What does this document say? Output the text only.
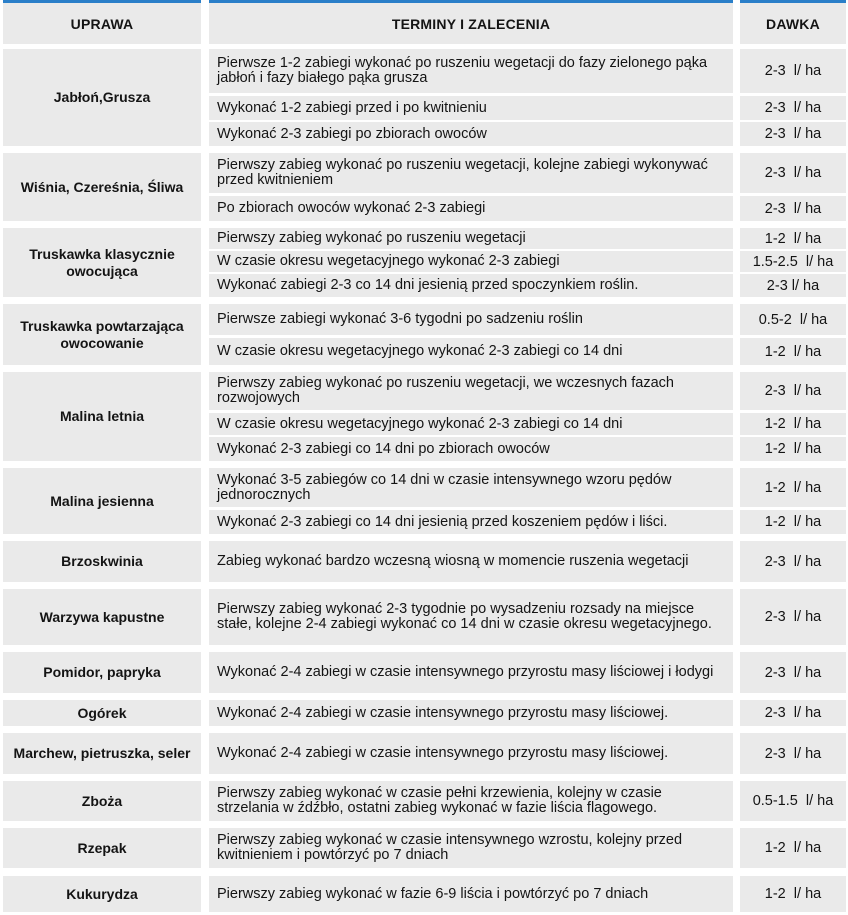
UPRAWA	TERMINY I ZALECENIA	DAWKA
Jabłoń,Grusza
Pierwsze 1-2 zabiegi wykonać po ruszeniu wegetacji do fazy zielonego pąka jabłoń i fazy białego pąka grusza	2-3  l/ ha
Wykonać 1-2 zabiegi przed i po kwitnieniu	2-3  l/ ha
Wykonać 2-3 zabiegi po zbiorach owoców	2-3  l/ ha
Wiśnia, Czereśnia, Śliwa
Pierwszy zabieg wykonać po ruszeniu wegetacji, kolejne zabiegi wykonywać przed kwitnieniem	2-3  l/ ha
Po zbiorach owoców wykonać 2-3 zabiegi	2-3  l/ ha
Truskawka klasycznie owocująca
Pierwszy zabieg wykonać po ruszeniu wegetacji	1-2  l/ ha
W czasie okresu wegetacyjnego wykonać 2-3 zabiegi	1.5-2.5  l/ ha
Wykonać zabiegi 2-3 co 14 dni jesienią przed spoczynkiem roślin.	2-3 l/ ha
Truskawka powtarzająca owocowanie
Pierwsze zabiegi wykonać 3-6 tygodni po sadzeniu roślin	0.5-2  l/ ha
W czasie okresu wegetacyjnego wykonać 2-3 zabiegi co 14 dni	1-2  l/ ha
Malina letnia
Pierwszy zabieg wykonać po ruszeniu wegetacji, we wczesnych fazach rozwojowych	2-3  l/ ha
W czasie okresu wegetacyjnego wykonać 2-3 zabiegi co 14 dni	1-2  l/ ha
Wykonać 2-3 zabiegi co 14 dni po zbiorach owoców	1-2  l/ ha
Malina jesienna
Wykonać 3-5 zabiegów co 14 dni w czasie intensywnego wzoru pędów jednorocznych	1-2  l/ ha
Wykonać 2-3 zabiegi co 14 dni jesienią przed koszeniem pędów i liści.	1-2  l/ ha
Brzoskwinia	Zabieg wykonać bardzo wczesną wiosną w momencie ruszenia wegetacji	2-3  l/ ha
Warzywa kapustne	Pierwszy zabieg wykonać 2-3 tygodnie po wysadzeniu rozsady na miejsce stałe, kolejne 2-4 zabiegi wykonać co 14 dni w czasie okresu wegetacyjnego.	2-3  l/ ha
Pomidor, papryka	Wykonać 2-4 zabiegi w czasie intensywnego przyrostu masy liściowej i łodygi	2-3  l/ ha
Ogórek	Wykonać 2-4 zabiegi w czasie intensywnego przyrostu masy liściowej.	2-3  l/ ha
Marchew, pietruszka, seler	Wykonać 2-4 zabiegi w czasie intensywnego przyrostu masy liściowej.	2-3  l/ ha
Zboża	Pierwszy zabieg wykonać w czasie pełni krzewienia, kolejny w czasie strzelania w źdźbło, ostatni zabieg wykonać w fazie liścia flagowego.	0.5-1.5  l/ ha
Rzepak	Pierwszy zabieg wykonać w czasie intensywnego wzrostu, kolejny przed kwitnieniem i powtórzyć po 7 dniach	1-2  l/ ha
Kukurydza	Pierwszy zabieg wykonać w fazie 6-9 liścia i powtórzyć po 7 dniach	1-2  l/ ha
